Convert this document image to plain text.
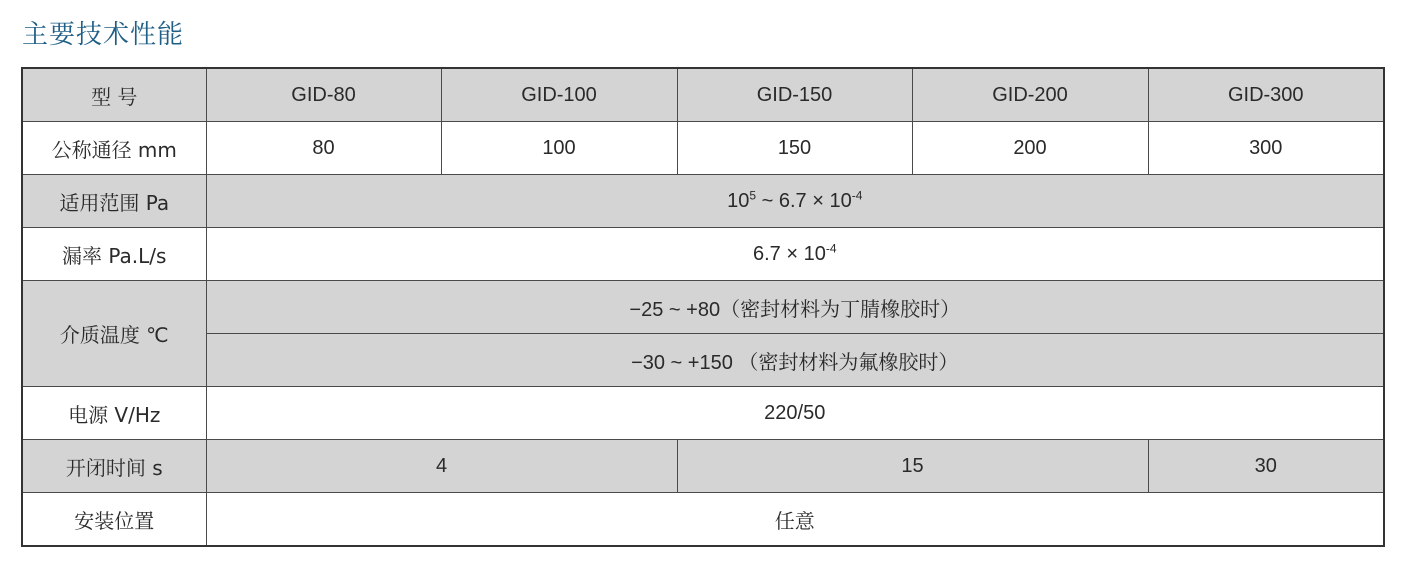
主要技术性能
型 号	GID-80	GID-100	GID-150	GID-200	GID-300
公称通径 mm	80	100	150	200	300
适用范围 Pa	$10^5$ ~ $6.7 \times 10^{-4}$
漏率 Pa.L/s	$6.7 \times 10^{-4}$
介质温度 ℃	−25 ~ +80（密封材料为丁腈橡胶时）				
	−30 ~ +150 （密封材料为氟橡胶时）				
电源 V/Hz	220/50				
开闭时间 s	4		15		30
安装位置	任意				
